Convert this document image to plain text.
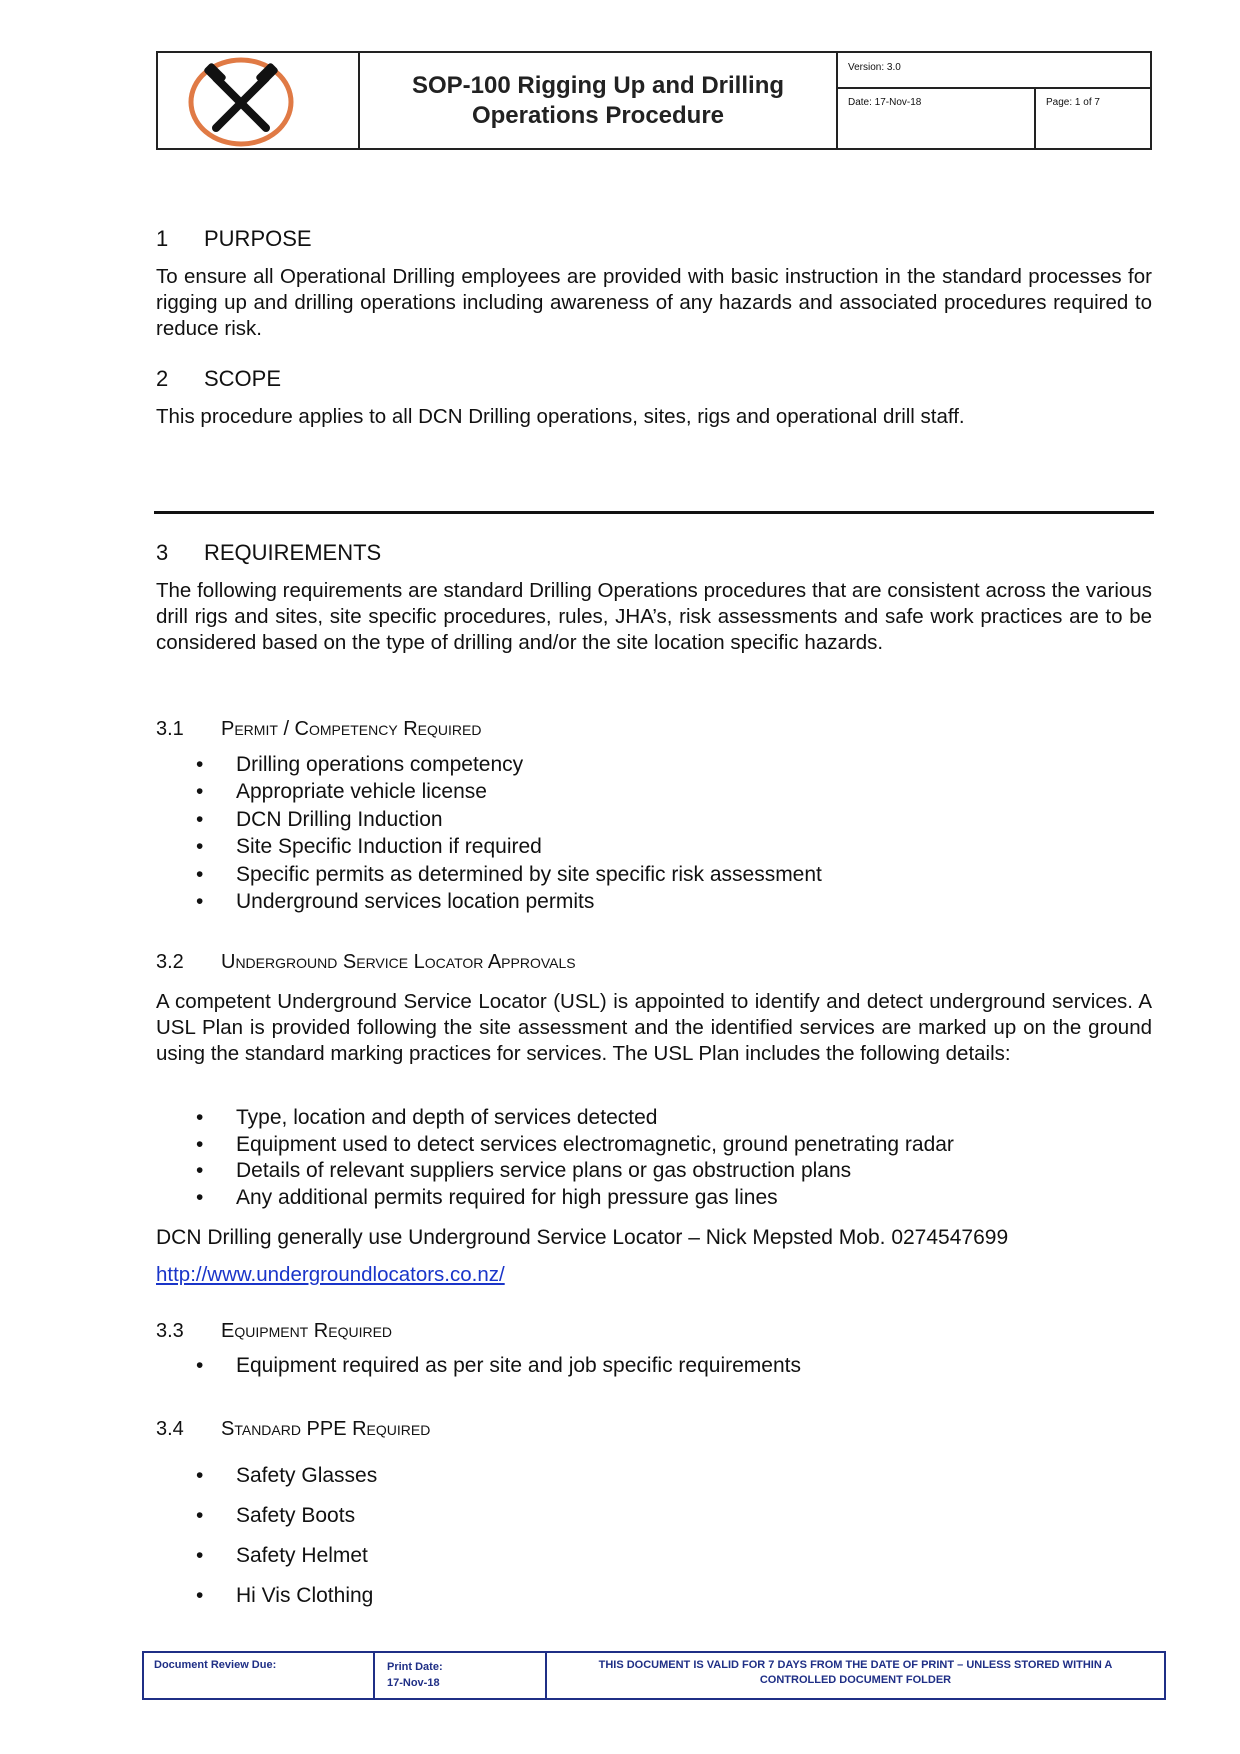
SOP-100 Rigging Up and Drilling Operations Procedure
Version: 3.0
Date: 17-Nov-18	Page: 1 of 7
1 PURPOSE
To ensure all Operational Drilling employees are provided with basic instruction in the standard processes for rigging up and drilling operations including awareness of any hazards and associated procedures required to reduce risk.
2 SCOPE
This procedure applies to all DCN Drilling operations, sites, rigs and operational drill staff.
3 REQUIREMENTS
The following requirements are standard Drilling Operations procedures that are consistent across the various drill rigs and sites, site specific procedures, rules, JHA’s, risk assessments and safe work practices are to be considered based on the type of drilling and/or the site location specific hazards.
3.1 Permit / Competency Required
• Drilling operations competency
• Appropriate vehicle license
• DCN Drilling Induction
• Site Specific Induction if required
• Specific permits as determined by site specific risk assessment
• Underground services location permits
3.2 Underground Service Locator Approvals
A competent Underground Service Locator (USL) is appointed to identify and detect underground services. A USL Plan is provided following the site assessment and the identified services are marked up on the ground using the standard marking practices for services. The USL Plan includes the following details:
• Type, location and depth of services detected
• Equipment used to detect services electromagnetic, ground penetrating radar
• Details of relevant suppliers service plans or gas obstruction plans
• Any additional permits required for high pressure gas lines
DCN Drilling generally use Underground Service Locator – Nick Mepsted Mob. 0274547699
http://www.undergroundlocators.co.nz/
3.3 Equipment Required
• Equipment required as per site and job specific requirements
3.4 Standard PPE Required
• Safety Glasses
• Safety Boots
• Safety Helmet
• Hi Vis Clothing
Document Review Due:	Print Date:
17-Nov-18
THIS DOCUMENT IS VALID FOR 7 DAYS FROM THE DATE OF PRINT – UNLESS STORED WITHIN A CONTROLLED DOCUMENT FOLDER
